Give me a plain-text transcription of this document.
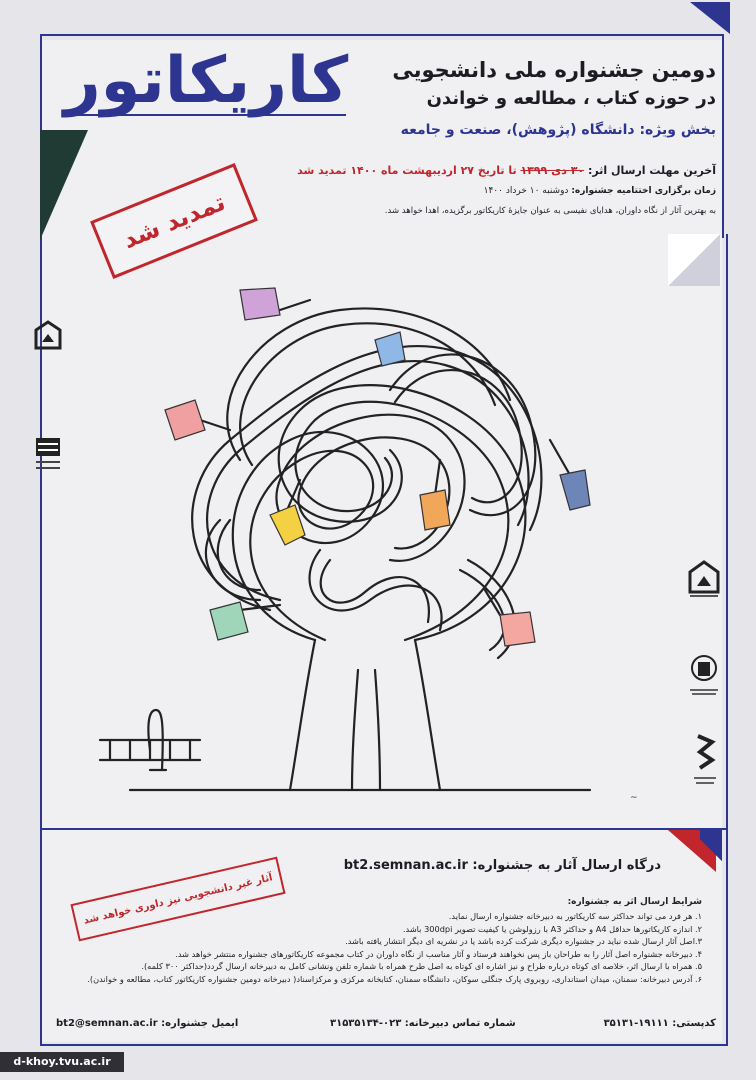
کاریکاتور دومین جشنواره ملی دانشجویی
در حوزه کتاب ، مطالعه و خواندن
بخش ویژه: دانشگاه (پژوهش)، صنعت و جامعه
آخرین مهلت ارسال اثر: ۳۰ دی ۱۳۹۹ تا تاریخ ۲۷ اردیبهشت ماه ۱۴۰۰ تمدید شد
زمان برگزاری اختتامیه جشنواره: دوشنبه ۱۰ خرداد ۱۴۰۰
به بهترین آثار از نگاه داوران، هدایای نفیسی به عنوان جایزهٔ کاریکاتور برگزیده، اهدا خواهد شد.
تمدید شد
~
درگاه ارسال آثار به جشنواره: bt2.semnan.ac.ir
آثار غیر دانشجویی نیز داوری خواهد شد	شرایط ارسال اثر به جشنواره:
۱. هر فرد می تواند حداکثر سه کاریکاتور به دبیرخانه جشنواره ارسال نماید.
۲. اندازه کاریکاتورها حداقل A4 و حداکثر A3 با رزولوشن یا کیفیت تصویر 300dpi باشد.
۳.اصل آثار ارسال شده نباید در جشنواره دیگری شرکت کرده باشد یا در نشریه ای دیگر انتشار یافته باشد.
۴. دبیرخانه جشنواره اصل آثار را به طراحان باز پس نخواهند فرستاد و آثار مناسب از نگاه داوران در کتاب مجموعه کاریکاتورهای جشنواره منتشر خواهد شد.
۵. همراه با ارسال اثر، خلاصه ای کوتاه درباره طراح و نیز اشاره ای کوتاه به اصل طرح همراه با شماره تلفن ونشانی کامل به دبیرخانه ارسال گردد(حداکثر ۳۰۰ کلمه).
۶. آدرس دبیرخانه: سمنان، میدان استانداری، روبروی پارک جنگلی سوکان، دانشگاه سمنان، کتابخانه مرکزی و مرکزاسناد( دبیرخانه دومین جشنواره کاریکاتور کتاب، مطالعه و خواندن).
کدپستی: ۱۹۱۱۱-۳۵۱۳۱
شماره تماس دبیرخانه: ۰۲۳-۳۱۵۳۵۱۳۴
ایمیل جشنواره: bt2@semnan.ac.ir
d-khoy.tvu.ac.ir
